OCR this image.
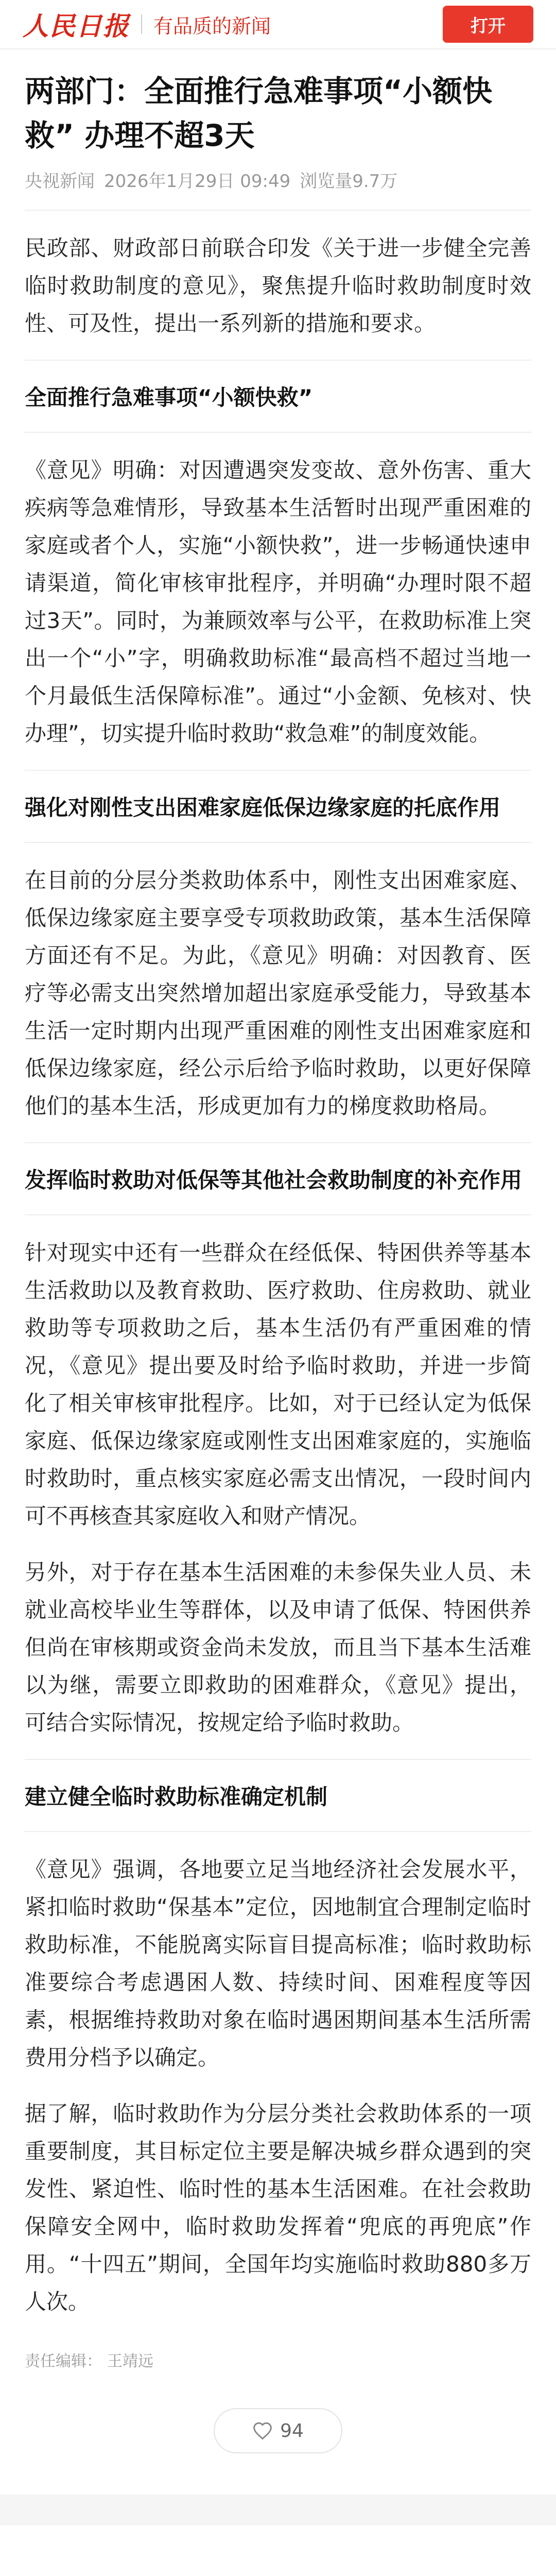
人民日报 有品质的新闻	打开
两部门：全面推行急难事项“小额快救” 办理不超3天
央视新闻 2026年1月29日 09:49 浏览量9.7万

民政部、财政部日前联合印发《关于进一步健全完善临时救助制度的意见》，聚焦提升临时救助制度时效性、可及性，提出一系列新的措施和要求。

全面推行急难事项“小额快救”

《意见》明确：对因遭遇突发变故、意外伤害、重大疾病等急难情形，导致基本生活暂时出现严重困难的家庭或者个人，实施“小额快救”，进一步畅通快速申请渠道，简化审核审批程序，并明确“办理时限不超过3天”。同时，为兼顾效率与公平，在救助标准上突出一个“小”字，明确救助标准“最高档不超过当地一个月最低生活保障标准”。通过“小金额、免核对、快办理”，切实提升临时救助“救急难”的制度效能。

强化对刚性支出困难家庭低保边缘家庭的托底作用

在目前的分层分类救助体系中，刚性支出困难家庭、低保边缘家庭主要享受专项救助政策，基本生活保障方面还有不足。为此，《意见》明确：对因教育、医疗等必需支出突然增加超出家庭承受能力，导致基本生活一定时期内出现严重困难的刚性支出困难家庭和低保边缘家庭，经公示后给予临时救助，以更好保障他们的基本生活，形成更加有力的梯度救助格局。

发挥临时救助对低保等其他社会救助制度的补充作用

针对现实中还有一些群众在经低保、特困供养等基本生活救助以及教育救助、医疗救助、住房救助、就业救助等专项救助之后，基本生活仍有严重困难的情况，《意见》提出要及时给予临时救助，并进一步简化了相关审核审批程序。比如，对于已经认定为低保家庭、低保边缘家庭或刚性支出困难家庭的，实施临时救助时，重点核实家庭必需支出情况，一段时间内可不再核查其家庭收入和财产情况。

另外，对于存在基本生活困难的未参保失业人员、未就业高校毕业生等群体，以及申请了低保、特困供养但尚在审核期或资金尚未发放，而且当下基本生活难以为继，需要立即救助的困难群众，《意见》提出，可结合实际情况，按规定给予临时救助。

建立健全临时救助标准确定机制

《意见》强调，各地要立足当地经济社会发展水平，紧扣临时救助“保基本”定位，因地制宜合理制定临时救助标准，不能脱离实际盲目提高标准；临时救助标准要综合考虑遇困人数、持续时间、困难程度等因素，根据维持救助对象在临时遇困期间基本生活所需费用分档予以确定。

据了解，临时救助作为分层分类社会救助体系的一项重要制度，其目标定位主要是解决城乡群众遇到的突发性、紧迫性、临时性的基本生活困难。在社会救助保障安全网中，临时救助发挥着“兜底的再兜底”作用。“十四五”期间，全国年均实施临时救助880多万人次。

责任编辑： 王靖远
94
